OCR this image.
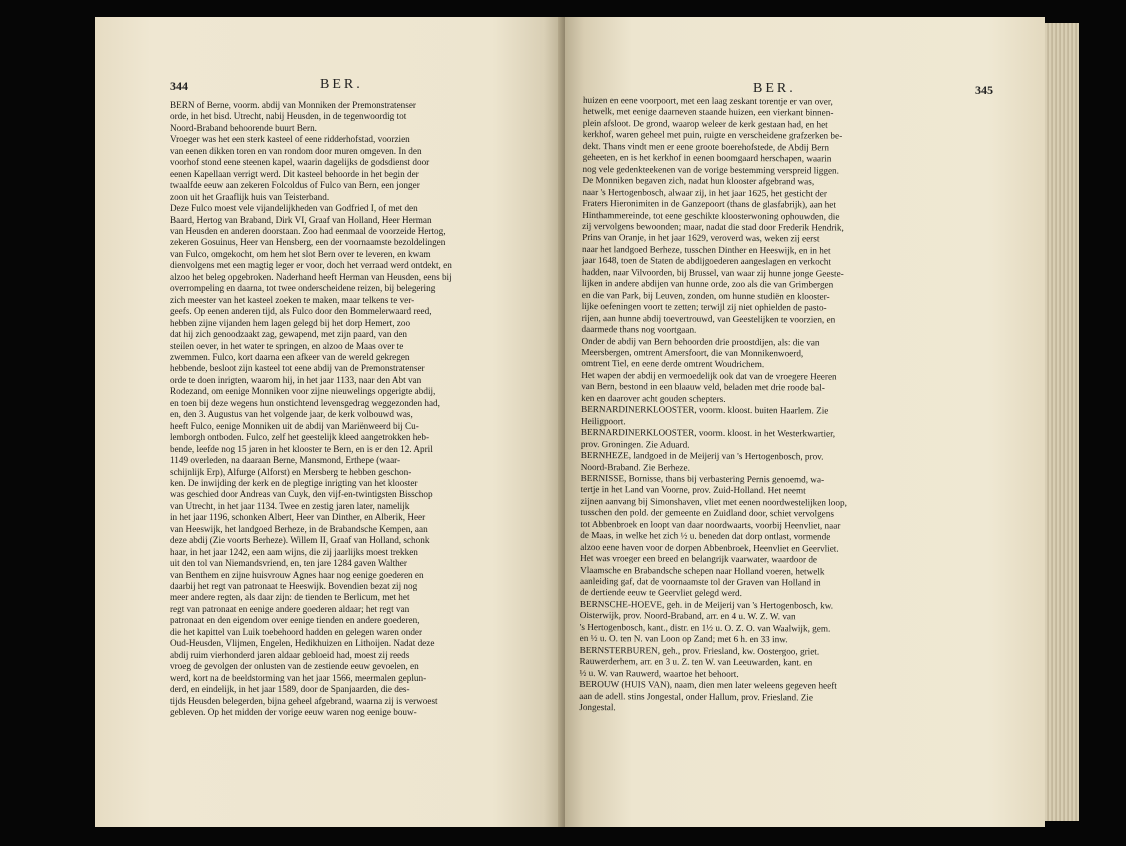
344	BER.

BERN of Berne, voorm. abdij van Monniken der Premonstratenser

orde, in het bisd. Utrecht, nabij Heusden, in de tegenwoordig tot

Noord-Braband behoorende buurt Bern.

Vroeger was het een sterk kasteel of eene ridderhofstad, voorzien

van eenen dikken toren en van rondom door muren omgeven. In den

voorhof stond eene steenen kapel, waarin dagelijks de godsdienst door

eenen Kapellaan verrigt werd. Dit kasteel behoorde in het begin der

twaalfde eeuw aan zekeren Folcoldus of Fulco van Bern, een jonger

zoon uit het Graaflijk huis van Teisterband.

Deze Fulco moest vele vijandelijkheden van Godfried I, of met den

Baard, Hertog van Braband, Dirk VI, Graaf van Holland, Heer Herman

van Heusden en anderen doorstaan. Zoo had eenmaal de voorzeide Hertog,

zekeren Gosuinus, Heer van Hensberg, een der voornaamste bezoldelingen

van Fulco, omgekocht, om hem het slot Bern over te leveren, en kwam

dienvolgens met een magtig leger er voor, doch het verraad werd ontdekt, en

alzoo het beleg opgebroken. Naderhand heeft Herman van Heusden, eens bij

overrompeling en daarna, tot twee onderscheidene reizen, bij belegering

zich meester van het kasteel zoeken te maken, maar telkens te ver-

geefs. Op eenen anderen tijd, als Fulco door den Bommelerwaard reed,

hebben zijne vijanden hem lagen gelegd bij het dorp Hemert, zoo

dat hij zich genoodzaakt zag, gewapend, met zijn paard, van den

steilen oever, in het water te springen, en alzoo de Maas over te

zwemmen. Fulco, kort daarna een afkeer van de wereld gekregen

hebbende, besloot zijn kasteel tot eene abdij van de Premonstratenser

orde te doen inrigten, waarom hij, in het jaar 1133, naar den Abt van

Rodezand, om eenige Monniken voor zijne nieuwelings opgerigte abdij,

en toen bij deze wegens hun onstichtend levensgedrag weggezonden had,

en, den 3. Augustus van het volgende jaar, de kerk volbouwd was,

heeft Fulco, eenige Monniken uit de abdij van Mariënweerd bij Cu-

lemborgh ontboden. Fulco, zelf het geestelijk kleed aangetrokken heb-

bende, leefde nog 15 jaren in het klooster te Bern, en is er den 12. April

1149 overleden, na daaraan Berne, Mansmond, Erthepe (waar-

schijnlijk Erp), Alfurge (Alforst) en Mersberg te hebben geschon-

ken. De inwijding der kerk en de plegtige inrigting van het klooster

was geschied door Andreas van Cuyk, den vijf-en-twintigsten Bisschop

van Utrecht, in het jaar 1134. Twee en zestig jaren later, namelijk

in het jaar 1196, schonken Albert, Heer van Dinther, en Alberik, Heer

van Heeswijk, het landgoed Berheze, in de Brabandsche Kempen, aan

deze abdij (Zie voorts Berheze). Willem II, Graaf van Holland, schonk

haar, in het jaar 1242, een aam wijns, die zij jaarlijks moest trekken

uit den tol van Niemandsvriend, en, ten jare 1284 gaven Walther

van Benthem en zijne huisvrouw Agnes haar nog eenige goederen en

daarbij het regt van patronaat te Heeswijk. Bovendien bezat zij nog

meer andere regten, als daar zijn: de tienden te Berlicum, met het

regt van patronaat en eenige andere goederen aldaar; het regt van

patronaat en den eigendom over eenige tienden en andere goederen,

die het kapittel van Luik toebehoord hadden en gelegen waren onder

Oud-Heusden, Vlijmen, Engelen, Hedikhuizen en Lithoijen. Nadat deze

abdij ruim vierhonderd jaren aldaar gebloeid had, moest zij reeds

vroeg de gevolgen der onlusten van de zestiende eeuw gevoelen, en

werd, kort na de beeldstorming van het jaar 1566, meermalen geplun-

derd, en eindelijk, in het jaar 1589, door de Spanjaarden, die des-

tijds Heusden belegerden, bijna geheel afgebrand, waarna zij is verwoest

gebleven. Op het midden der vorige eeuw waren nog eenige bouw-

BER.	345

huizen en eene voorpoort, met een laag zeskant torentje er van over,

hetwelk, met eenige daarneven staande huizen, een vierkant binnen-

plein afsloot. De grond, waarop weleer de kerk gestaan had, en het

kerkhof, waren geheel met puin, ruigte en verscheidene grafzerken be-

dekt. Thans vindt men er eene groote boerehofstede, de Abdij Bern

geheeten, en is het kerkhof in eenen boomgaard herschapen, waarin

nog vele gedenkteekenen van de vorige bestemming verspreid liggen.

De Monniken begaven zich, nadat hun klooster afgebrand was,

naar 's Hertogenbosch, alwaar zij, in het jaar 1625, het gesticht der

Fraters Hieronimiten in de Ganzepoort (thans de glasfabrijk), aan het

Hinthammereinde, tot eene geschikte kloosterwoning ophouwden, die

zij vervolgens bewoonden; maar, nadat die stad door Frederik Hendrik,

Prins van Oranje, in het jaar 1629, veroverd was, weken zij eerst

naar het landgoed Berheze, tusschen Dinther en Heeswijk, en in het

jaar 1648, toen de Staten de abdijgoederen aangeslagen en verkocht

hadden, naar Vilvoorden, bij Brussel, van waar zij hunne jonge Geeste-

lijken in andere abdijen van hunne orde, zoo als die van Grimbergen

en die van Park, bij Leuven, zonden, om hunne studiën en klooster-

lijke oefeningen voort te zetten; terwijl zij niet ophielden de pasto-

rijen, aan hunne abdij toevertrouwd, van Geestelijken te voorzien, en

daarmede thans nog voortgaan.

Onder de abdij van Bern behoorden drie proostdijen, als: die van

Meersbergen, omtrent Amersfoort, die van Monnikenwoerd,

omtrent Tiel, en eene derde omtrent Woudrichem.

Het wapen der abdij en vermoedelijk ook dat van de vroegere Heeren

van Bern, bestond in een blaauw veld, beladen met drie roode bal-

ken en daarover acht gouden schepters.

BERNARDINERKLOOSTER, voorm. kloost. buiten Haarlem. Zie

Heiligpoort.

BERNARDINERKLOOSTER, voorm. kloost. in het Westerkwartier,

prov. Groningen. Zie Aduard.

BERNHEZE, landgoed in de Meijerij van 's Hertogenbosch, prov.

Noord-Braband. Zie Berheze.

BERNISSE, Bornisse, thans bij verbastering Pernis genoemd, wa-

tertje in het Land van Voorne, prov. Zuid-Holland. Het neemt

zijnen aanvang bij Simonshaven, vliet met eenen noordwestelijken loop,

tusschen den pold. der gemeente en Zuidland door, schiet vervolgens

tot Abbenbroek en loopt van daar noordwaarts, voorbij Heenvliet, naar

de Maas, in welke het zich ½ u. beneden dat dorp ontlast, vormende

alzoo eene haven voor de dorpen Abbenbroek, Heenvliet en Geervliet.

Het was vroeger een breed en belangrijk vaarwater, waardoor de

Vlaamsche en Brabandsche schepen naar Holland voeren, hetwelk

aanleiding gaf, dat de voornaamste tol der Graven van Holland in

de dertiende eeuw te Geervliet gelegd werd.

BERNSCHE-HOEVE, geh. in de Meijerij van 's Hertogenbosch, kw.

Oisterwijk, prov. Noord-Braband, arr. en 4 u. W. Z. W. van

's Hertogenbosch, kant., distr. en 1½ u. O. Z. O. van Waalwijk, gem.

en ½ u. O. ten N. van Loon op Zand; met 6 h. en 33 inw.

BERNSTERBUREN, geh., prov. Friesland, kw. Oostergoo, griet.

Rauwerderhem, arr. en 3 u. Z. ten W. van Leeuwarden, kant. en

½ u. W. van Rauwerd, waartoe het behoort.

BEROUW (HUIS VAN), naam, dien men later weleens gegeven heeft

aan de adell. stins Jongestal, onder Hallum, prov. Friesland. Zie

Jongestal.
